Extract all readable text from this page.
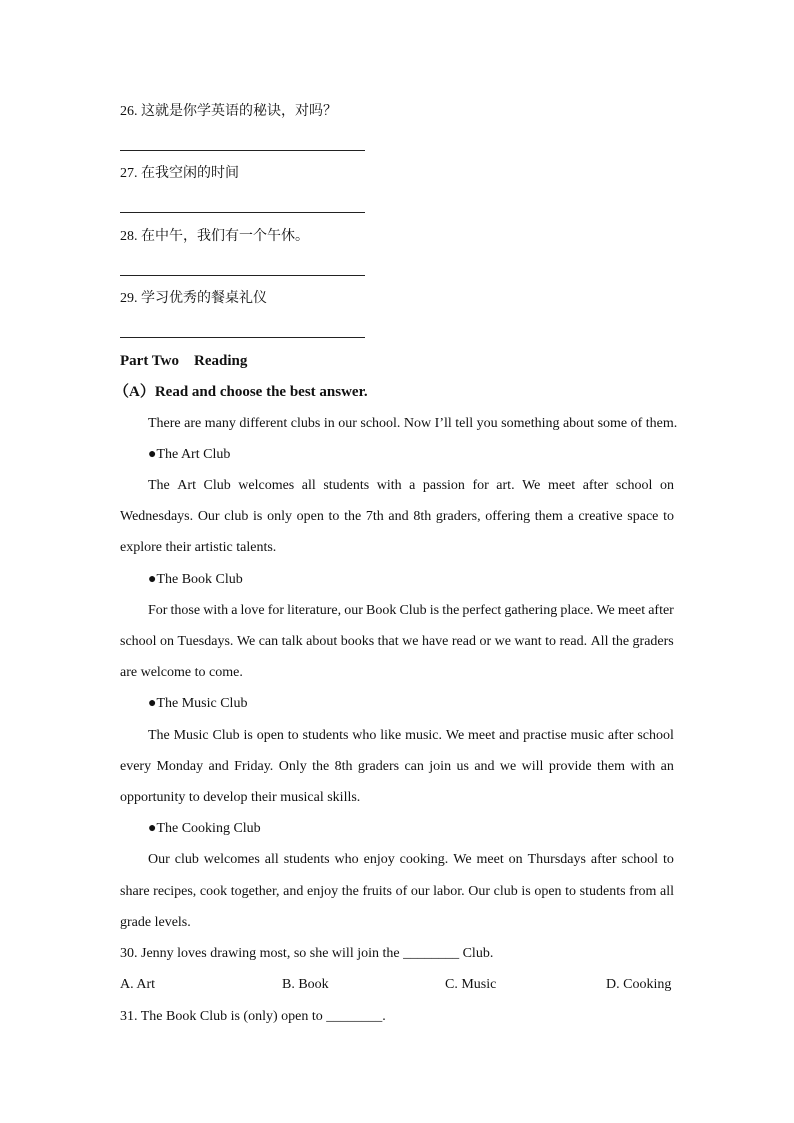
26. 这就是你学英语的秘诀，对吗？
27. 在我空闲的时间
28. 在中午，我们有一个午休。
29. 学习优秀的餐桌礼仪
Part Two    Reading
（A）Read and choose the best answer.
There are many different clubs in our school. Now I’ll tell you something about some of them.
●The Art Club
The Art Club welcomes all students with a passion for art. We meet after school on
Wednesdays. Our club is only open to the 7th and 8th graders, offering them a creative space to
explore their artistic talents.
●The Book Club
For those with a love for literature, our Book Club is the perfect gathering place. We meet after
school on Tuesdays. We can talk about books that we have read or we want to read. All the graders
are welcome to come.
●The Music Club
The Music Club is open to students who like music. We meet and practise music after school
every Monday and Friday. Only the 8th graders can join us and we will provide them with an
opportunity to develop their musical skills.
●The Cooking Club
Our club welcomes all students who enjoy cooking. We meet on Thursdays after school to
share recipes, cook together, and enjoy the fruits of our labor. Our club is open to students from all
grade levels.
30. Jenny loves drawing most, so she will join the ________ Club.
A. Art	B. Book	C. Music	D. Cooking
31. The Book Club is (only) open to ________.
